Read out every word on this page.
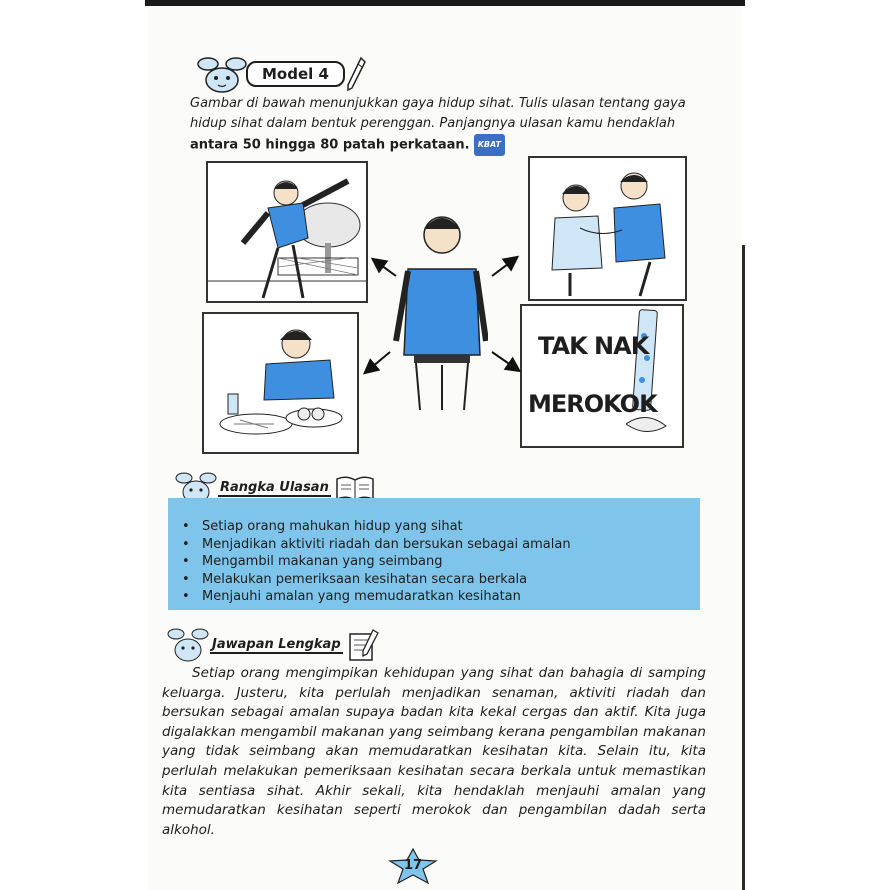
Model 4
Gambar di bawah menunjukkan gaya hidup sihat. Tulis ulasan tentang gaya hidup sihat dalam bentuk perenggan. Panjangnya ulasan kamu hendaklah antara 50 hingga 80 patah perkataan. KBAT
TAK NAK
MEROKOK
Rangka Ulasan
• Setiap orang mahukan hidup yang sihat
• Menjadikan aktiviti riadah dan bersukan sebagai amalan
• Mengambil makanan yang seimbang
• Melakukan pemeriksaan kesihatan secara berkala
• Menjauhi amalan yang memudaratkan kesihatan
Jawapan Lengkap
Setiap orang mengimpikan kehidupan yang sihat dan bahagia di samping keluarga. Justeru, kita perlulah menjadikan senaman, aktiviti riadah dan bersukan sebagai amalan supaya badan kita kekal cergas dan aktif. Kita juga digalakkan mengambil makanan yang seimbang kerana pengambilan makanan yang tidak seimbang akan memudaratkan kesihatan kita. Selain itu, kita perlulah melakukan pemeriksaan kesihatan secara berkala untuk memastikan kita sentiasa sihat. Akhir sekali, kita hendaklah menjauhi amalan yang memudaratkan kesihatan seperti merokok dan pengambilan dadah serta alkohol.
17
